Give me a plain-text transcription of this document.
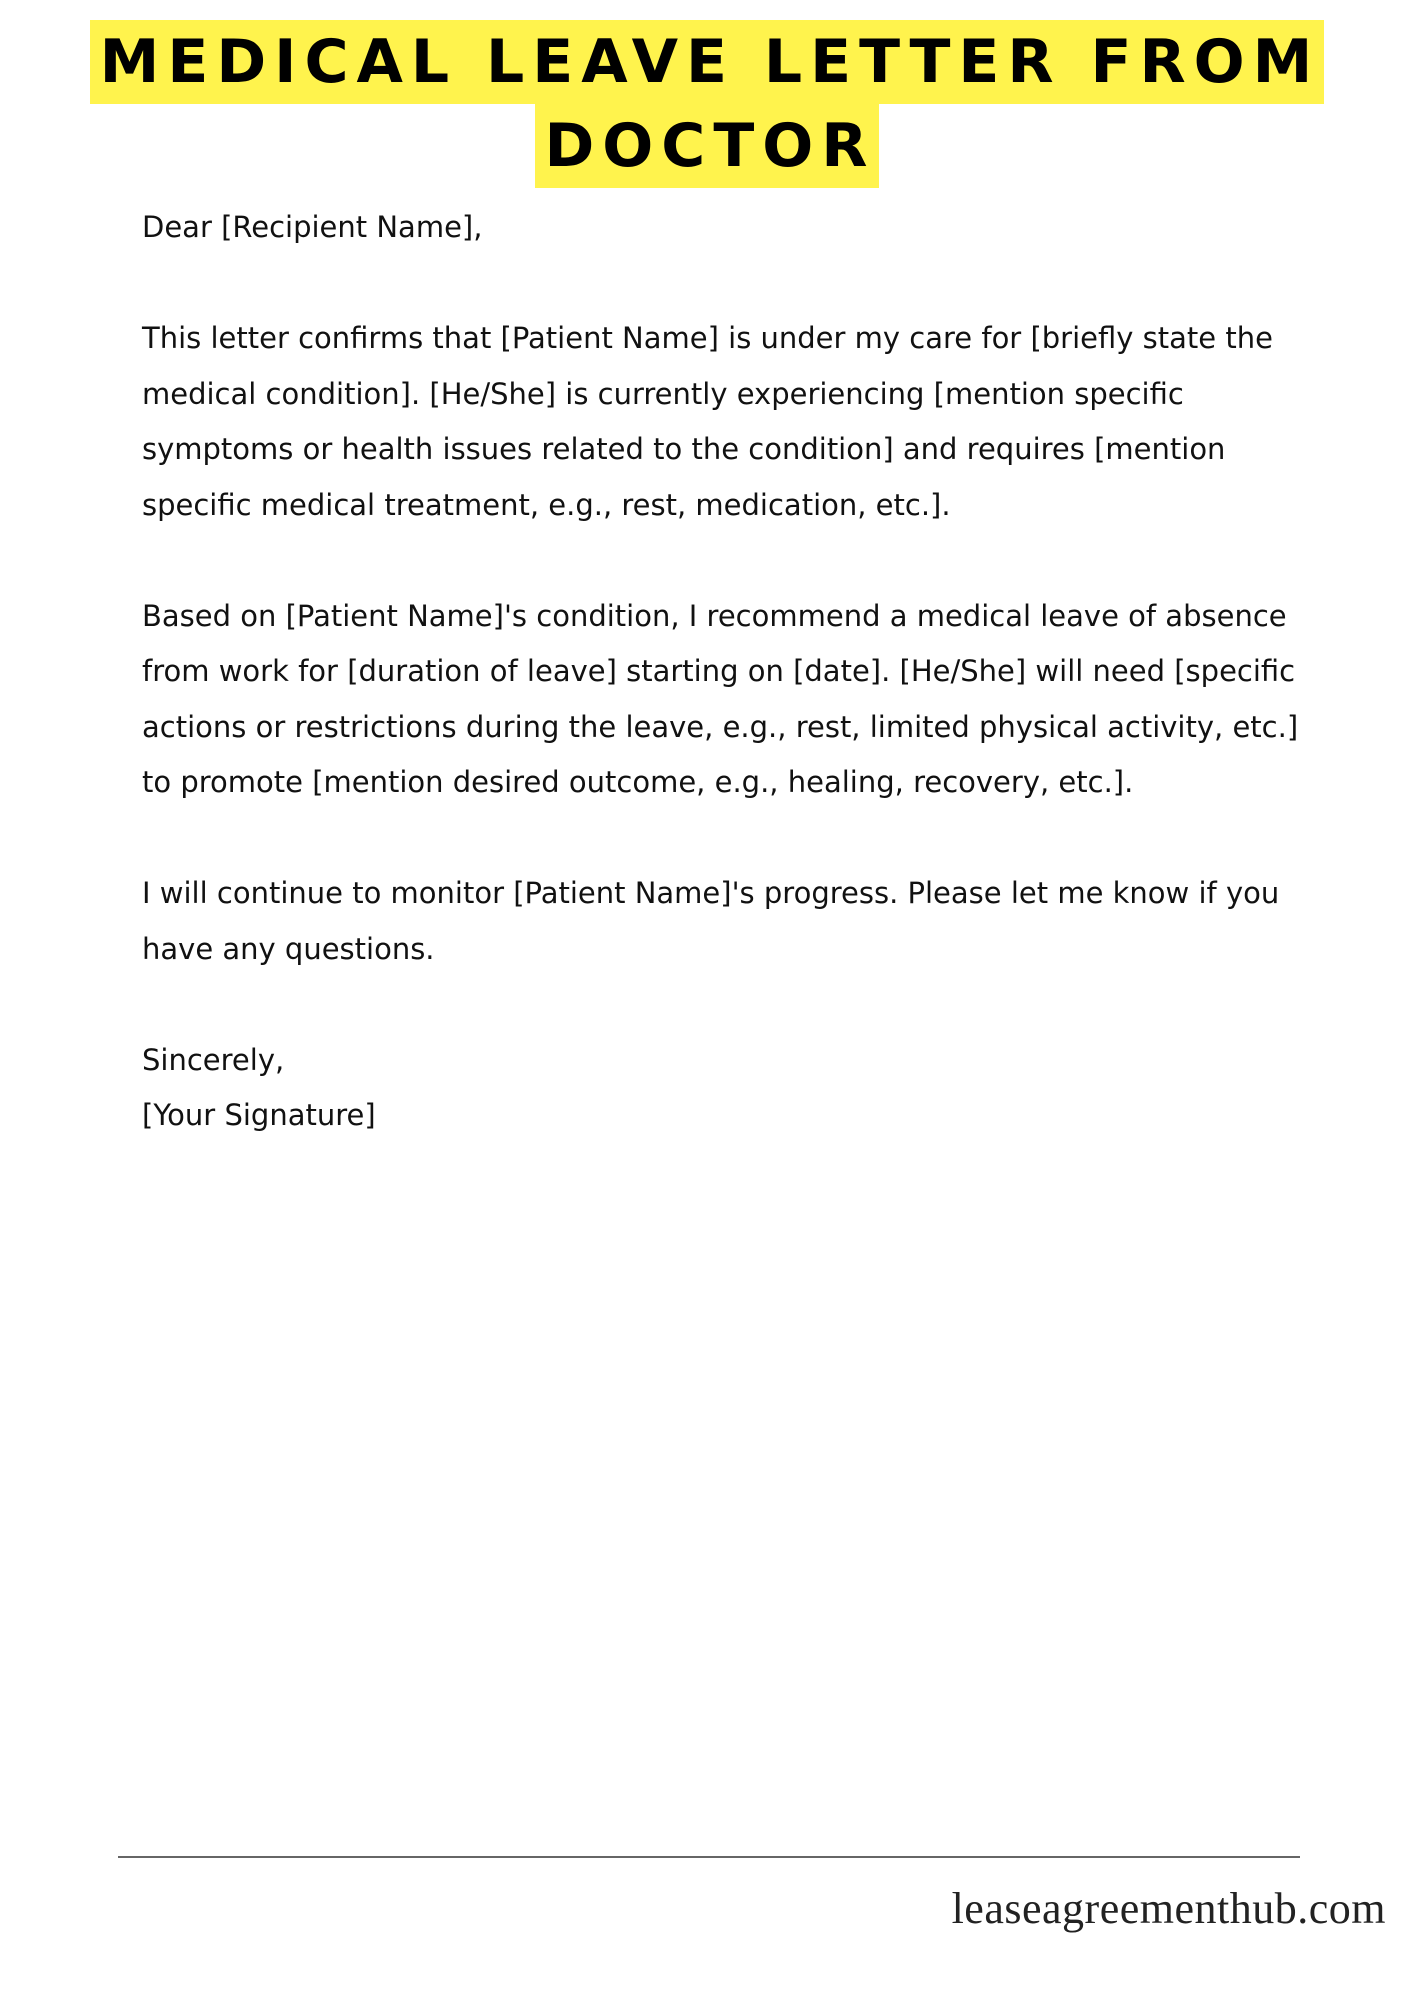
MEDICAL LEAVE LETTER FROM
DOCTOR

Dear [Recipient Name],

This letter confirms that [Patient Name] is under my care for [briefly state the medical condition]. [He/She] is currently experiencing [mention specific symptoms or health issues related to the condition] and requires [mention specific medical treatment, e.g., rest, medication, etc.].

Based on [Patient Name]'s condition, I recommend a medical leave of absence from work for [duration of leave] starting on [date]. [He/She] will need [specific actions or restrictions during the leave, e.g., rest, limited physical activity, etc.] to promote [mention desired outcome, e.g., healing, recovery, etc.].

I will continue to monitor [Patient Name]'s progress. Please let me know if you have any questions.

Sincerely,

[Your Signature]

leaseagreementhub.com
